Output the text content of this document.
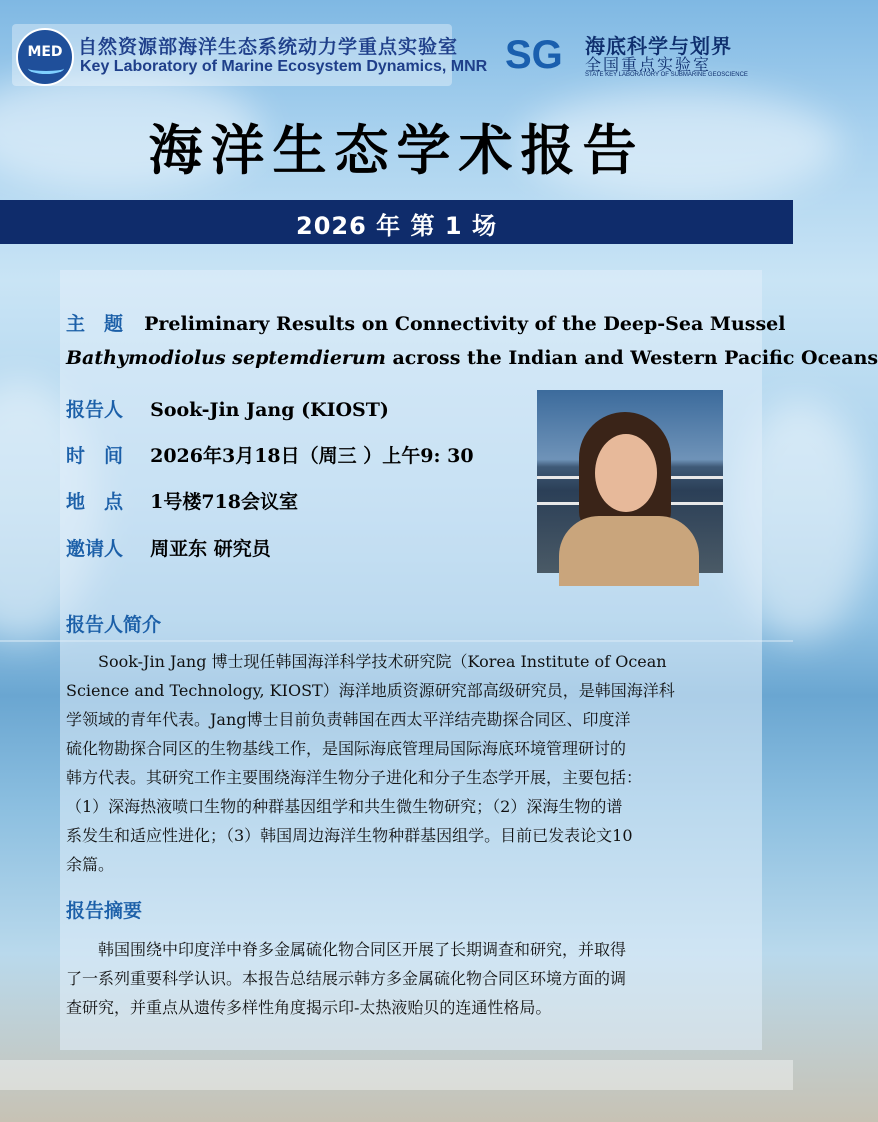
MED 自然资源部海洋生态系统动力学重点实验室
Key Laboratory of Marine Ecosystem Dynamics, MNR SG 海底科学与划界
全国重点实验室
STATE KEY LABORATORY OF SUBMARINE GEOSCIENCE
海洋生态学术报告
2026 年 第 1 场
主　题 Preliminary Results on Connectivity of the Deep-Sea Mussel
Bathymodiolus septemdierum across the Indian and Western Pacific Oceans
报告人 Sook-Jin Jang (KIOST)
时　间 2026年3月18日（周三 ）上午9: 30
地　点 1号楼718会议室
邀请人 周亚东 研究员
报告人简介
　　Sook-Jin Jang 博士现任韩国海洋科学技术研究院（Korea Institute of Ocean
Science and Technology, KIOST）海洋地质资源研究部高级研究员，是韩国海洋科
学领域的青年代表。Jang博士目前负责韩国在西太平洋结壳勘探合同区、印度洋
硫化物勘探合同区的生物基线工作，是国际海底管理局国际海底环境管理研讨的
韩方代表。其研究工作主要围绕海洋生物分子进化和分子生态学开展，主要包括：
（1）深海热液喷口生物的种群基因组学和共生微生物研究；（2）深海生物的谱
系发生和适应性进化；（3）韩国周边海洋生物种群基因组学。目前已发表论文10
余篇。
报告摘要
　　韩国围绕中印度洋中脊多金属硫化物合同区开展了长期调查和研究，并取得
了一系列重要科学认识。本报告总结展示韩方多金属硫化物合同区环境方面的调
查研究，并重点从遗传多样性角度揭示印-太热液贻贝的连通性格局。
